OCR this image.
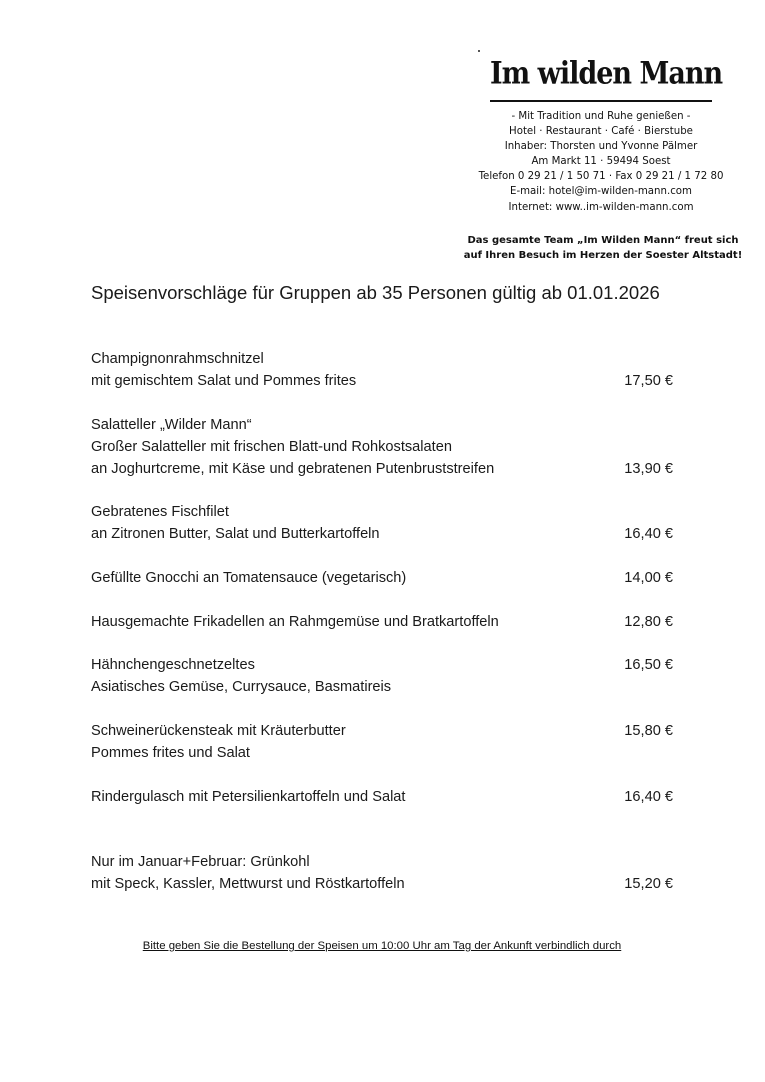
Im wilden Mann
- Mit Tradition und Ruhe genießen -
Hotel · Restaurant · Café · Bierstube
Inhaber: Thorsten und Yvonne Pälmer
Am Markt 11 · 59494 Soest
Telefon 0 29 21 / 1 50 71 · Fax 0 29 21 / 1 72 80
E-mail: hotel@im-wilden-mann.com
Internet: www..im-wilden-mann.com
Das gesamte Team „Im Wilden Mann“ freut sich
auf Ihren Besuch im Herzen der Soester Altstadt!
Speisenvorschläge für Gruppen ab 35 Personen gültig ab 01.01.2026
Champignonrahmschnitzel
mit gemischtem Salat und Pommes frites	17,50 €
Salatteller „Wilder Mann“
Großer Salatteller mit frischen Blatt-und Rohkostsalaten
an Joghurtcreme, mit Käse und gebratenen Putenbruststreifen	13,90 €
Gebratenes Fischfilet
an Zitronen Butter, Salat und Butterkartoffeln	16,40 €
Gefüllte Gnocchi an Tomatensauce (vegetarisch)	14,00 €
Hausgemachte Frikadellen an Rahmgemüse und Bratkartoffeln	12,80 €
Hähnchengeschnetzeltes	16,50 €
Asiatisches Gemüse, Currysauce, Basmatireis
Schweinerückensteak mit Kräuterbutter	15,80 €
Pommes frites und Salat
Rindergulasch mit Petersilienkartoffeln und Salat	16,40 €
Nur im Januar+Februar: Grünkohl
mit Speck, Kassler, Mettwurst und Röstkartoffeln	15,20 €
Bitte geben Sie die Bestellung der Speisen um 10:00 Uhr am Tag der Ankunft verbindlich durch
